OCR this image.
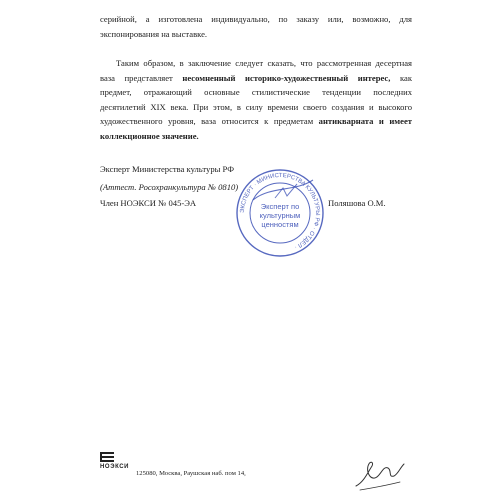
серийной, а изготовлена индивидуально, по заказу или, возможно, для
экспонирования на выставке.
Таким образом, в заключение следует сказать, что рассмотренная десертная
ваза представляет несомненный историко-художественный интерес, как
предмет, отражающий основные стилистические тенденции последних
десятилетий XIX века. При этом, в силу времени своего создания и высокого
художественного уровня, ваза относится к предметам антикварната и имеет
коллекционное значение.
Эксперт Министерства культуры РФ
(Аттест. Росохранкультура № 0810)
Член НОЭКСИ № 045-ЭА	Поляшова О.М.
ЭКСПЕРТ · МИНИСТЕРСТВА КУЛЬТУРЫ РФ · ОТДЕЛ ·
Эксперт по
культурным
ценностям
НОЭКСИ
125080, Москва, Раушская наб. пом 14,
